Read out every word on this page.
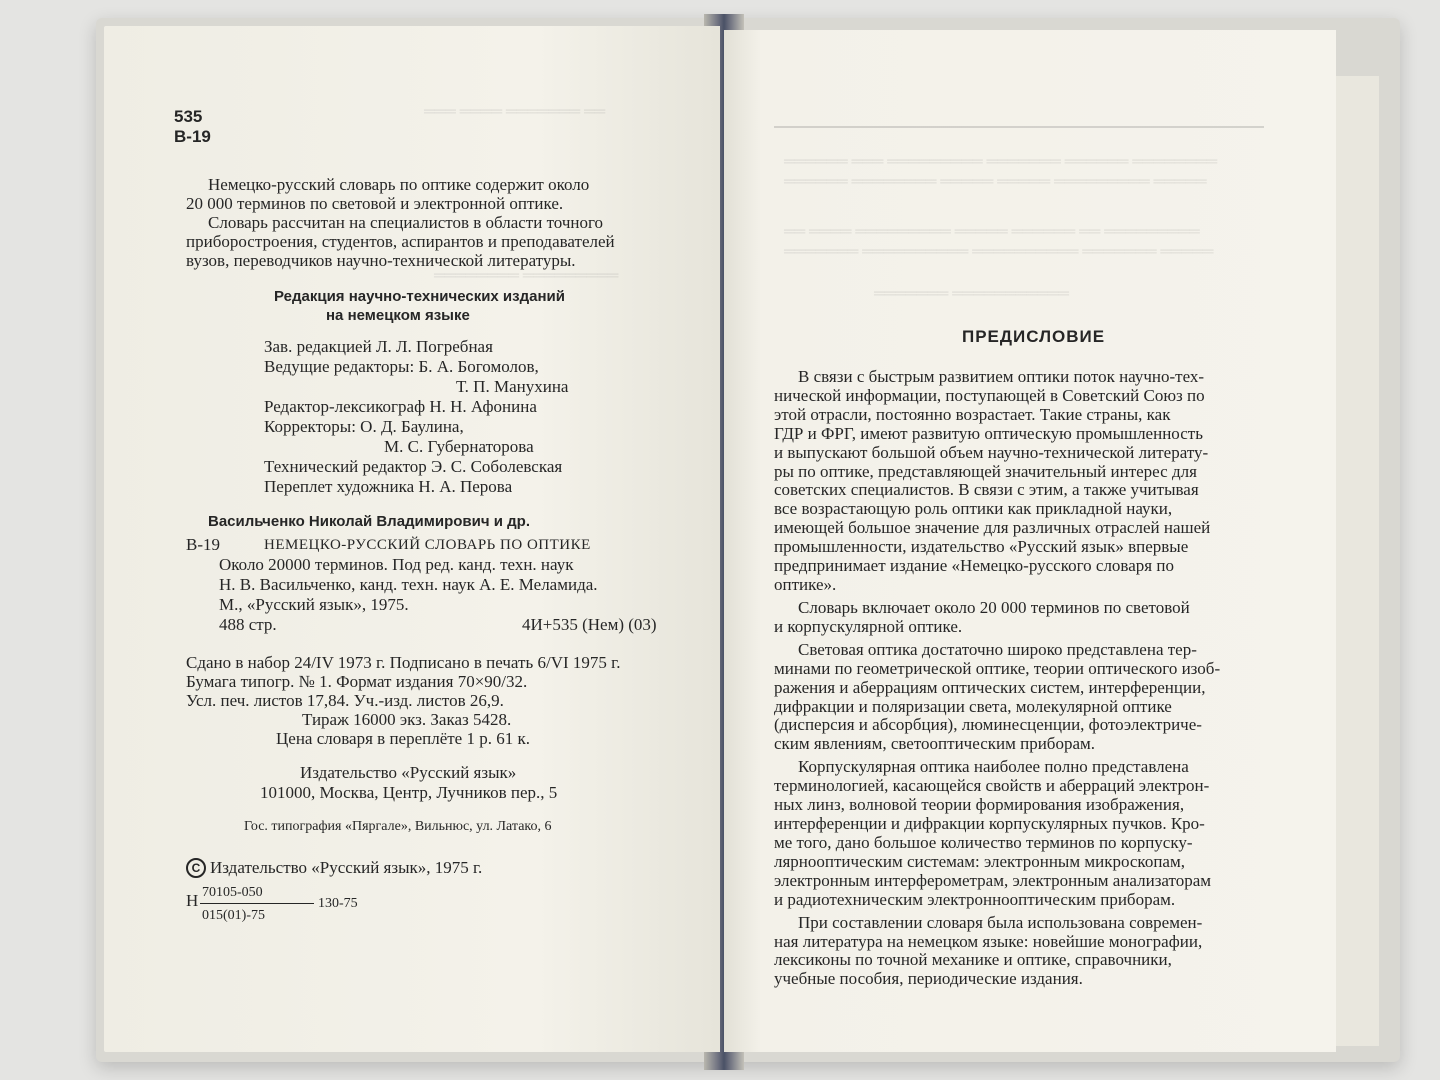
═══ ════ ═══════ ══
════════ ═════════
535
В-19
Немецко-русский словарь по оптике содержит около
20 000 терминов по световой и электронной оптике.
Словарь рассчитан на специалистов в области точного
приборостроения, студентов, аспирантов и преподавателей
вузов, переводчиков научно-технической литературы.
Редакция научно-технических изданий
на немецком языке
Зав. редакцией Л. Л. Погребная
Ведущие редакторы: Б. А. Богомолов,
Т. П. Манухина
Редактор-лексикограф Н. Н. Афонина
Корректоры: О. Д. Баулина,
М. С. Губернаторова
Технический редактор Э. С. Соболевская
Переплет художника Н. А. Перова
Васильченко Николай Владимирович и др.
В-19	НЕМЕЦКО-РУССКИЙ СЛОВАРЬ ПО ОПТИКЕ
Около 20000 терминов. Под ред. канд. техн. наук
Н. В. Васильченко, канд. техн. наук А. Е. Меламида.
М., «Русский язык», 1975.
488 стр.	4И+535 (Нем) (03)
Сдано в набор 24/IV 1973 г. Подписано в печать 6/VI 1975 г.
Бумага типогр. № 1. Формат издания 70×90/32.
Усл. печ. листов 17,84. Уч.-изд. листов 26,9.
Тираж 16000 экз. Заказ 5428.
Цена словаря в переплёте 1 р. 61 к.
Издательство «Русский язык»
101000, Москва, Центр, Лучников пер., 5
Гос. типография «Пяргале», Вильнюс, ул. Латако, 6
C Издательство «Русский язык», 1975 г.
Н 70105-050
015(01)-75
130-75
══════ ═══ ═════════ ═══════ ══════ ════════
══════ ════════ ═════ ═════ ═════════ ═════
══ ════ ═════════ ═════ ══════ ══ ═════════
═══════ ══════════ ══════════ ═══════ ═════
═══════ ═══════════
ПРЕДИСЛОВИЕ
В связи с быстрым развитием оптики поток научно-тех-
нической информации, поступающей в Советский Союз по
этой отрасли, постоянно возрастает. Такие страны, как
ГДР и ФРГ, имеют развитую оптическую промышленность
и выпускают большой объем научно-технической литерату-
ры по оптике, представляющей значительный интерес для
советских специалистов. В связи с этим, а также учитывая
все возрастающую роль оптики как прикладной науки,
имеющей большое значение для различных отраслей нашей
промышленности, издательство «Русский язык» впервые
предпринимает издание «Немецко-русского словаря по
оптике».
Словарь включает около 20 000 терминов по световой
и корпускулярной оптике.
Световая оптика достаточно широко представлена тер-
минами по геометрической оптике, теории оптического изоб-
ражения и аберрациям оптических систем, интерференции,
дифракции и поляризации света, молекулярной оптике
(дисперсия и абсорбция), люминесценции, фотоэлектриче-
ским явлениям, светооптическим приборам.
Корпускулярная оптика наиболее полно представлена
терминологией, касающейся свойств и аберраций электрон-
ных линз, волновой теории формирования изображения,
интерференции и дифракции корпускулярных пучков. Кро-
ме того, дано большое количество терминов по корпуску-
лярнооптическим системам: электронным микроскопам,
электронным интерферометрам, электронным анализаторам
и радиотехническим электроннооптическим приборам.
При составлении словаря была использована современ-
ная литература на немецком языке: новейшие монографии,
лексиконы по точной механике и оптике, справочники,
учебные пособия, периодические издания.
